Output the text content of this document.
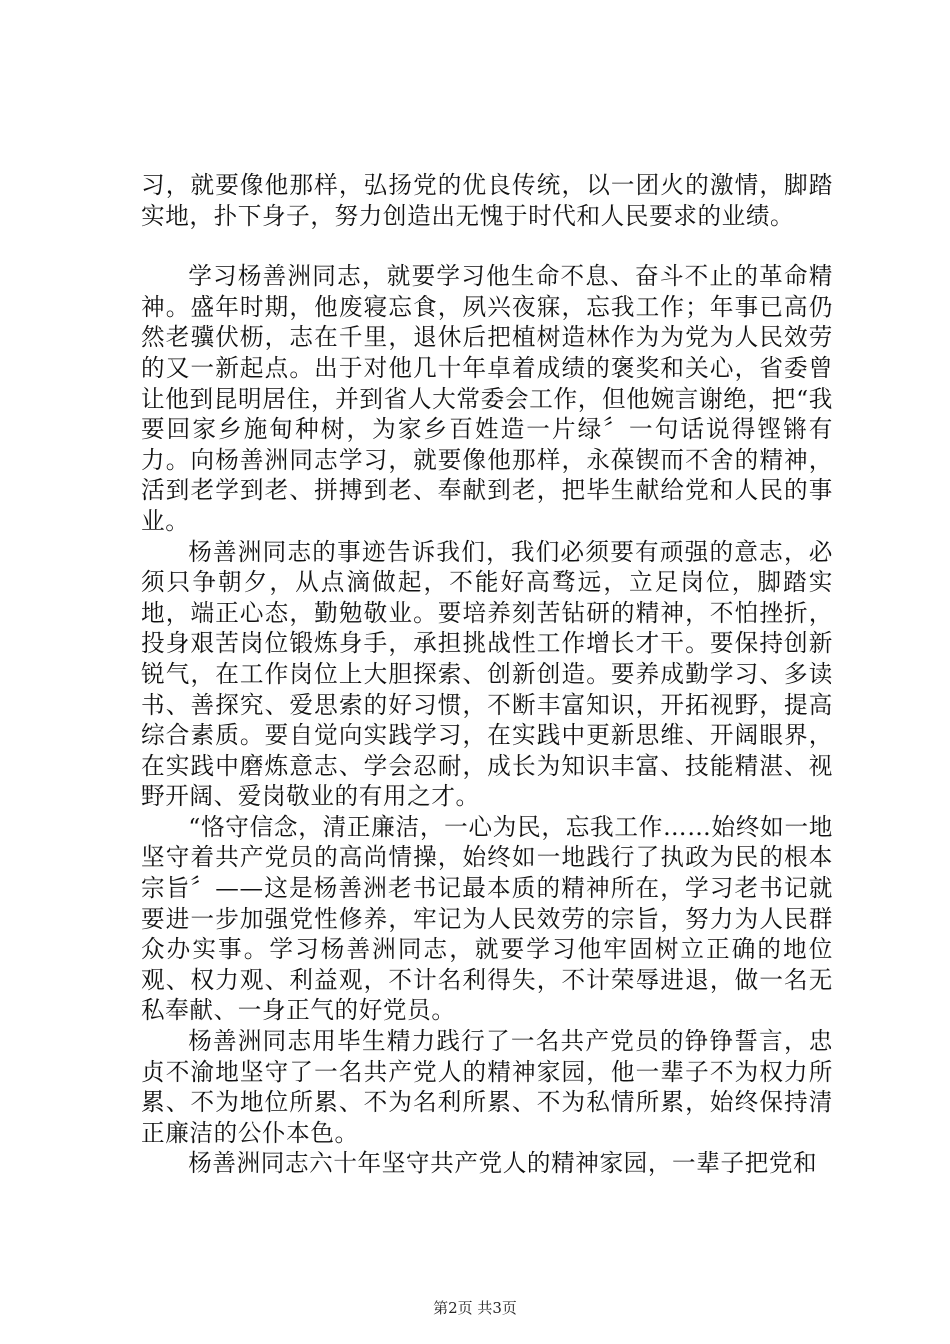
习，就要像他那样，弘扬党的优良传统，以一团火的激情，脚踏实地，扑下身子，努力创造出无愧于时代和人民要求的业绩。

学习杨善洲同志，就要学习他生命不息、奋斗不止的革命精神。盛年时期，他废寝忘食，夙兴夜寐，忘我工作；年事已高仍然老骥伏枥，志在千里，退休后把植树造林作为为党为人民效劳的又一新起点。出于对他几十年卓着成绩的褒奖和关心，省委曾让他到昆明居住，并到省人大常委会工作，但他婉言谢绝，把“我要回家乡施甸种树，为家乡百姓造一片绿〞一句话说得铿锵有力。向杨善洲同志学习，就要像他那样，永葆锲而不舍的精神，活到老学到老、拼搏到老、奉献到老，把毕生献给党和人民的事业。

杨善洲同志的事迹告诉我们，我们必须要有顽强的意志，必须只争朝夕，从点滴做起，不能好高骛远，立足岗位，脚踏实地，端正心态，勤勉敬业。要培养刻苦钻研的精神，不怕挫折，投身艰苦岗位锻炼身手，承担挑战性工作增长才干。要保持创新锐气，在工作岗位上大胆探索、创新创造。要养成勤学习、多读书、善探究、爱思索的好习惯，不断丰富知识，开拓视野，提高综合素质。要自觉向实践学习，在实践中更新思维、开阔眼界，在实践中磨炼意志、学会忍耐，成长为知识丰富、技能精湛、视野开阔、爱岗敬业的有用之才。

“恪守信念，清正廉洁，一心为民，忘我工作……始终如一地坚守着共产党员的高尚情操，始终如一地践行了执政为民的根本宗旨〞——这是杨善洲老书记最本质的精神所在，学习老书记就要进一步加强党性修养，牢记为人民效劳的宗旨，努力为人民群众办实事。学习杨善洲同志，就要学习他牢固树立正确的地位观、权力观、利益观，不计名利得失，不计荣辱进退，做一名无私奉献、一身正气的好党员。

杨善洲同志用毕生精力践行了一名共产党员的铮铮誓言，忠贞不渝地坚守了一名共产党人的精神家园，他一辈子不为权力所累、不为地位所累、不为名利所累、不为私情所累，始终保持清正廉洁的公仆本色。

杨善洲同志六十年坚守共产党人的精神家园，一辈子把党和

第2页 共3页
